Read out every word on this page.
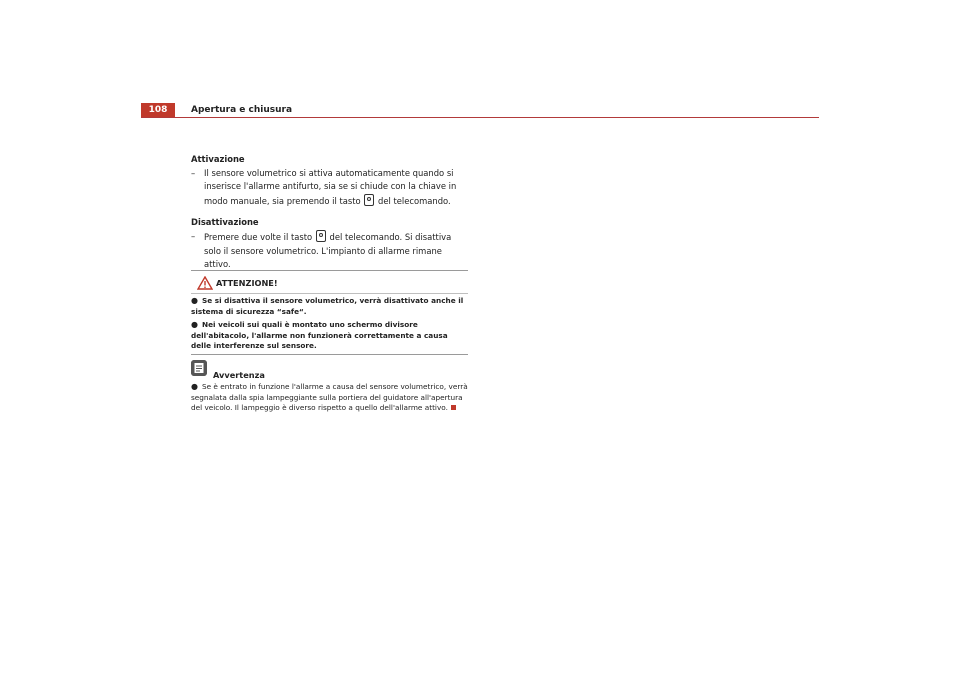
108	Apertura e chiusura

Attivazione

– Il sensore volumetrico si attiva automaticamente quando si inserisce l'allarme antifurto, sia se si chiude con la chiave in modo manuale, sia premendo il tasto del telecomando.

Disattivazione

– Premere due volte il tasto del telecomando. Si disattiva solo il sensore volumetrico. L'impianto di allarme rimane attivo.
ATTENZIONE!
● Se si disattiva il sensore volumetrico, verrà disattivato anche il sistema di sicurezza “safe“.
● Nei veicoli sui quali è montato uno schermo divisore dell'abitacolo, l'allarme non funzionerà correttamente a causa delle interferenze sul sensore.
Avvertenza
● Se è entrato in funzione l'allarme a causa del sensore volumetrico, verrà segnalata dalla spia lampeggiante sulla portiera del guidatore all'apertura del veicolo. Il lampeggio è diverso rispetto a quello dell'allarme attivo.
